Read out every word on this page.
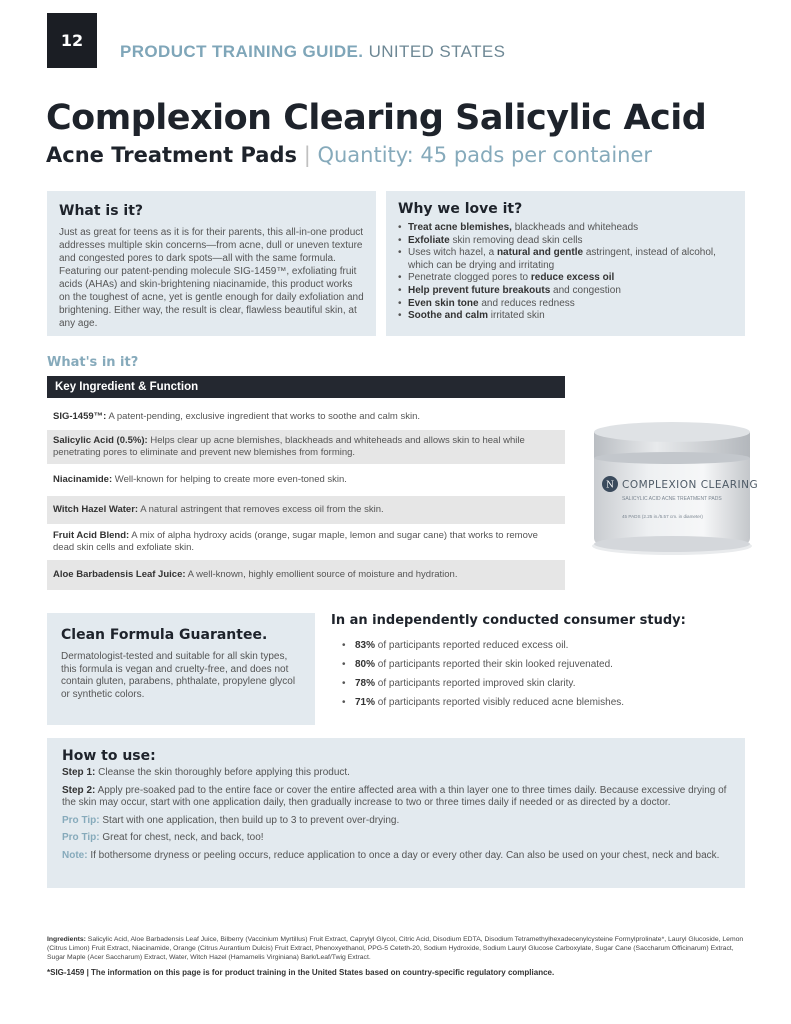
12
PRODUCT TRAINING GUIDE. UNITED STATES
Complexion Clearing Salicylic Acid
Acne Treatment Pads | Quantity: 45 pads per container
What is it?

Just as great for teens as it is for their parents, this all-in-one product addresses multiple skin concerns—from acne, dull or uneven texture and congested pores to dark spots—all with the same formula. Featuring our patent-pending molecule SIG-1459™, exfoliating fruit acids (AHAs) and skin-brightening niacinamide, this product works on the toughest of acne, yet is gentle enough for daily exfoliation and brightening. Either way, the result is clear, flawless beautiful skin, at any age.

Why we love it?
• Treat acne blemishes, blackheads and whiteheads
• Exfoliate skin removing dead skin cells
• Uses witch hazel, a natural and gentle astringent, instead of alcohol, which can be drying and irritating
• Penetrate clogged pores to reduce excess oil
• Help prevent future breakouts and congestion
• Even skin tone and reduces redness
• Soothe and calm irritated skin
What's in it?
Key Ingredient & Function
SIG-1459™: A patent-pending, exclusive ingredient that works to soothe and calm skin.
Salicylic Acid (0.5%): Helps clear up acne blemishes, blackheads and whiteheads and allows skin to heal while penetrating pores to eliminate and prevent new blemishes from forming.
Niacinamide: Well-known for helping to create more even-toned skin.
Witch Hazel Water: A natural astringent that removes excess oil from the skin.
Fruit Acid Blend: A mix of alpha hydroxy acids (orange, sugar maple, lemon and sugar cane) that works to remove dead skin cells and exfoliate skin.
Aloe Barbadensis Leaf Juice: A well-known, highly emollient source of moisture and hydration.
N COMPLEXION CLEARING
SALICYLIC ACID ACNE TREATMENT PADS
45 PADS (2.25 in./5.57 cm. in diameter)
Clean Formula Guarantee.

Dermatologist-tested and suitable for all skin types, this formula is vegan and cruelty-free, and does not contain gluten, parabens, phthalate, propylene glycol or synthetic colors.

In an independently conducted consumer study:
• 83% of participants reported reduced excess oil.
• 80% of participants reported their skin looked rejuvenated.
• 78% of participants reported improved skin clarity.
• 71% of participants reported visibly reduced acne blemishes.
How to use:
Step 1: Cleanse the skin thoroughly before applying this product.
Step 2: Apply pre-soaked pad to the entire face or cover the entire affected area with a thin layer one to three times daily. Because excessive drying of the skin may occur, start with one application daily, then gradually increase to two or three times daily if needed or as directed by a doctor.
Pro Tip: Start with one application, then build up to 3 to prevent over-drying.
Pro Tip: Great for chest, neck, and back, too!
Note: If bothersome dryness or peeling occurs, reduce application to once a day or every other day. Can also be used on your chest, neck and back.
Ingredients: Salicylic Acid, Aloe Barbadensis Leaf Juice, Bilberry (Vaccinium Myrtillus) Fruit Extract, Caprylyl Glycol, Citric Acid, Disodium EDTA, Disodium Tetramethylhexadecenylcysteine Formylprolinate*, Lauryl Glucoside, Lemon (Citrus Limon) Fruit Extract, Niacinamide, Orange (Citrus Aurantium Dulcis) Fruit Extract, Phenoxyethanol, PPG-5 Ceteth-20, Sodium Hydroxide, Sodium Lauryl Glucose Carboxylate, Sugar Cane (Saccharum Officinarum) Extract, Sugar Maple (Acer Saccharum) Extract, Water, Witch Hazel (Hamamelis Virginiana) Bark/Leaf/Twig Extract.
*SIG-1459 | The information on this page is for product training in the United States based on country-specific regulatory compliance.
